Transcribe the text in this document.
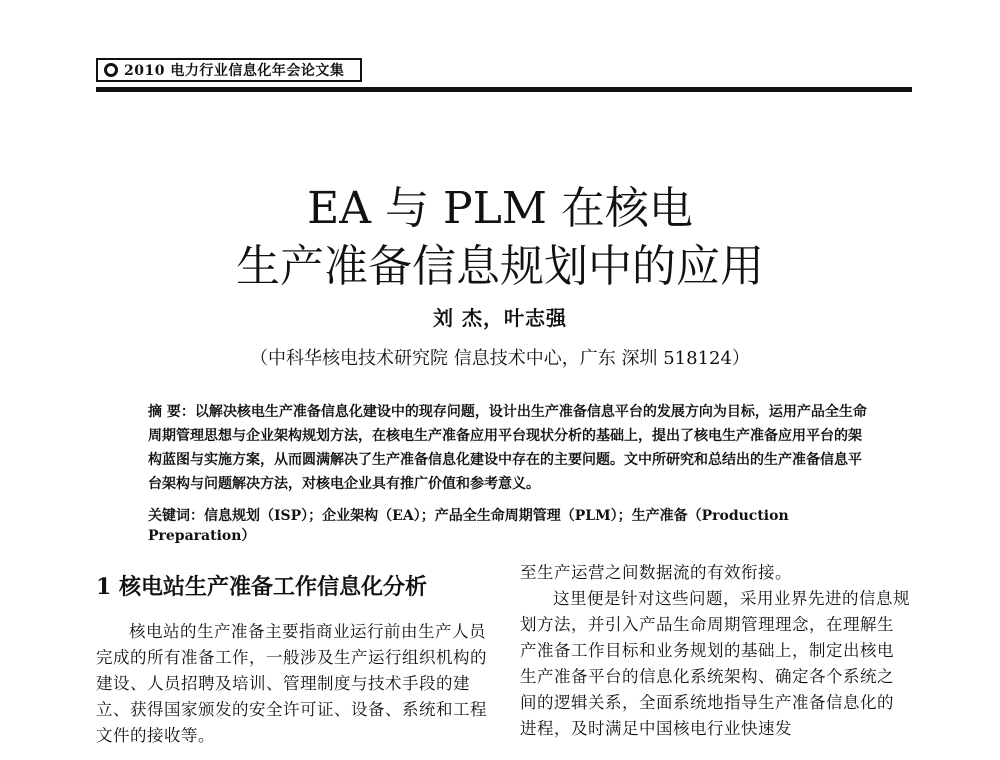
2010 电力行业信息化年会论文集
EA 与 PLM 在核电
生产准备信息规划中的应用
刘 杰，叶志强
（中科华核电技术研究院 信息技术中心，广东 深圳 518124）
摘 要：以解决核电生产准备信息化建设中的现存问题，设计出生产准备信息平台的发展方向为目标，运用产品全生命周期管理思想与企业架构规划方法，在核电生产准备应用平台现状分析的基础上，提出了核电生产准备应用平台的架构蓝图与实施方案，从而圆满解决了生产准备信息化建设中存在的主要问题。文中所研究和总结出的生产准备信息平台架构与问题解决方法，对核电企业具有推广价值和参考意义。
关键词：信息规划（ISP）；企业架构（EA）；产品全生命周期管理（PLM）；生产准备（Production Preparation）
1 核电站生产准备工作信息化分析

核电站的生产准备主要指商业运行前由生产人员完成的所有准备工作，一般涉及生产运行组织机构的建设、人员招聘及培训、管理制度与技术手段的建立、获得国家颁发的安全许可证、设备、系统和工程文件的接收等。

至生产运营之间数据流的有效衔接。

这里便是针对这些问题，采用业界先进的信息规划方法，并引入产品生命周期管理理念，在理解生产准备工作目标和业务规划的基础上，制定出核电生产准备平台的信息化系统架构、确定各个系统之间的逻辑关系，全面系统地指导生产准备信息化的进程，及时满足中国核电行业快速发
